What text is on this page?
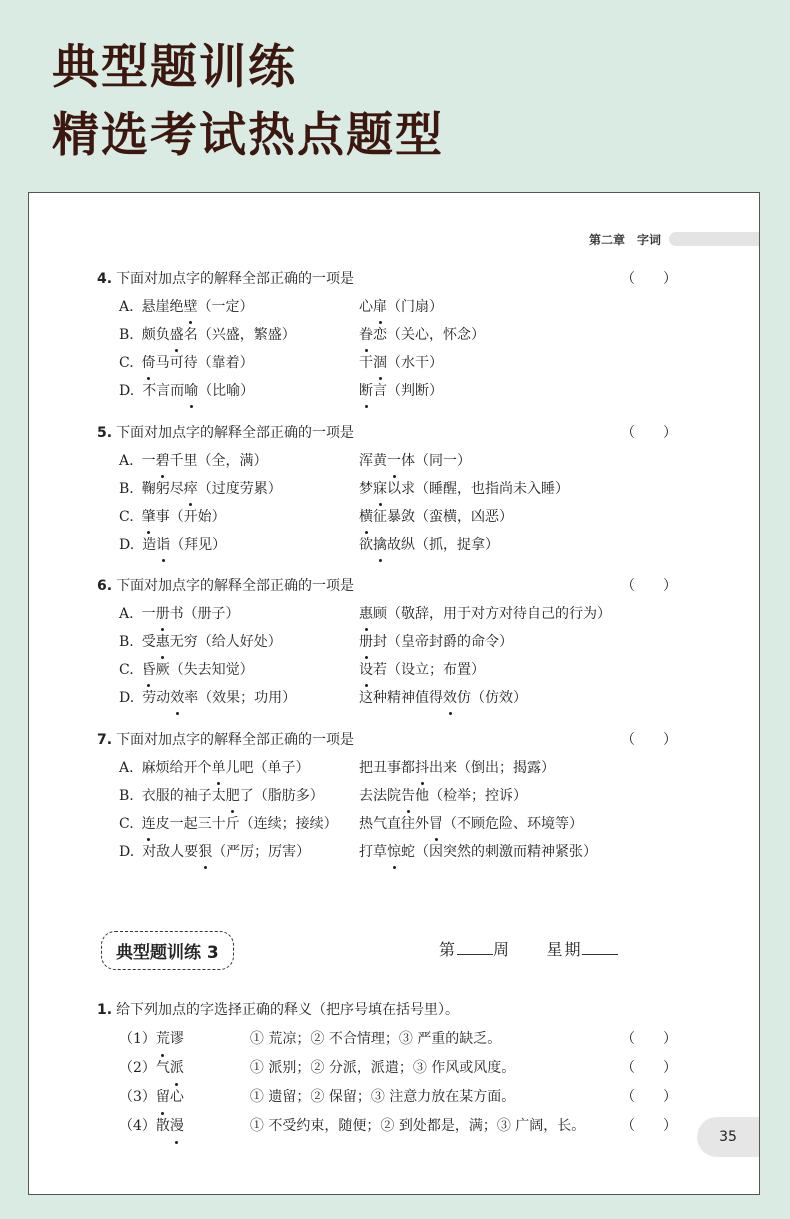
典型题训练
精选考试热点题型
第二章　字词
4. 下面对加点字的解释全部正确的一项是	（　　）
A. 悬崖绝壁（一定）	心扉（门扇）
B. 颇负盛名（兴盛，繁盛）	眷恋（关心，怀念）
C. 倚马可待（靠着）	干涸（水干）
D. 不言而喻（比喻）	断言（判断）
5. 下面对加点字的解释全部正确的一项是	（　　）
A. 一碧千里（全，满）	浑黄一体（同一）
B. 鞠躬尽瘁（过度劳累）	梦寐以求（睡醒，也指尚未入睡）
C. 肇事（开始）	横征暴敛（蛮横，凶恶）
D. 造诣（拜见）	欲擒故纵（抓，捉拿）
6. 下面对加点字的解释全部正确的一项是	（　　）
A. 一册书（册子）	惠顾（敬辞，用于对方对待自己的行为）
B. 受惠无穷（给人好处）	册封（皇帝封爵的命令）
C. 昏厥（失去知觉）	设若（设立；布置）
D. 劳动效率（效果；功用）	这种精神值得效仿（仿效）
7. 下面对加点字的解释全部正确的一项是	（　　）
A. 麻烦给开个单儿吧（单子）	把丑事都抖出来（倒出；揭露）
B. 衣服的袖子太肥了（脂肪多）	去法院告他（检举；控诉）
C. 连皮一起三十斤（连续；接续）	热气直往外冒（不顾危险、环境等）
D. 对敌人要狠（严厉；厉害）	打草惊蛇（因突然的刺激而精神紧张）
典型题训练 3	第 周 星期
1. 给下列加点的字选择正确的释义（把序号填在括号里）。
（1）荒谬	① 荒凉；② 不合情理；③ 严重的缺乏。	（　　）
（2）气派	① 派别；② 分派，派遣；③ 作风或风度。	（　　）
（3）留心	① 遗留；② 保留；③ 注意力放在某方面。	（　　）
（4）散漫	① 不受约束，随便；② 到处都是，满；③ 广阔，长。	（　　）
35
